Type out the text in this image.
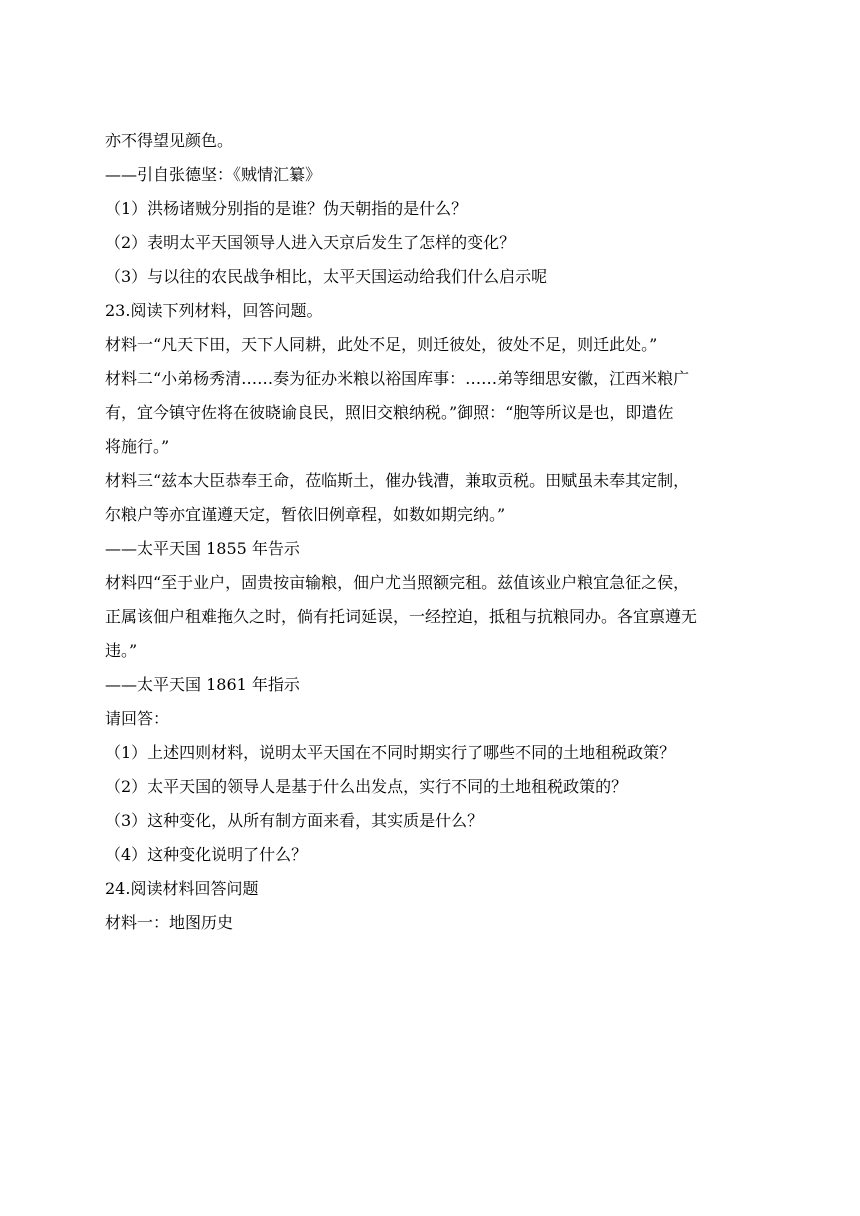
亦不得望见颜色。
——引自张德坚：《贼情汇纂》
（1）洪杨诸贼分别指的是谁？伪天朝指的是什么？
（2）表明太平天国领导人进入天京后发生了怎样的变化？
（3）与以往的农民战争相比，太平天国运动给我们什么启示呢
23.阅读下列材料，回答问题。
材料一“凡天下田，天下人同耕，此处不足，则迁彼处，彼处不足，则迁此处。”
材料二“小弟杨秀清……奏为征办米粮以裕国库事：……弟等细思安徽，江西米粮广
有，宜今镇守佐将在彼晓谕良民，照旧交粮纳税。”御照：“胞等所议是也，即遣佐
将施行。”
材料三“兹本大臣恭奉王命，莅临斯土，催办钱漕，兼取贡税。田赋虽未奉其定制，
尔粮户等亦宜谨遵天定，暂依旧例章程，如数如期完纳。”
——太平天国 1855 年告示
材料四“至于业户，固贵按亩输粮，佃户尤当照额完租。兹值该业户粮宜急征之侯，
正属该佃户租难拖久之时，倘有托词延误，一经控迫，抵租与抗粮同办。各宜禀遵无
违。”
——太平天国 1861 年指示
请回答：
（1）上述四则材料，说明太平天国在不同时期实行了哪些不同的土地租税政策？
（2）太平天国的领导人是基于什么出发点，实行不同的土地租税政策的？
（3）这种变化，从所有制方面来看，其实质是什么？
（4）这种变化说明了什么？
24.阅读材料回答问题
材料一：地图历史
